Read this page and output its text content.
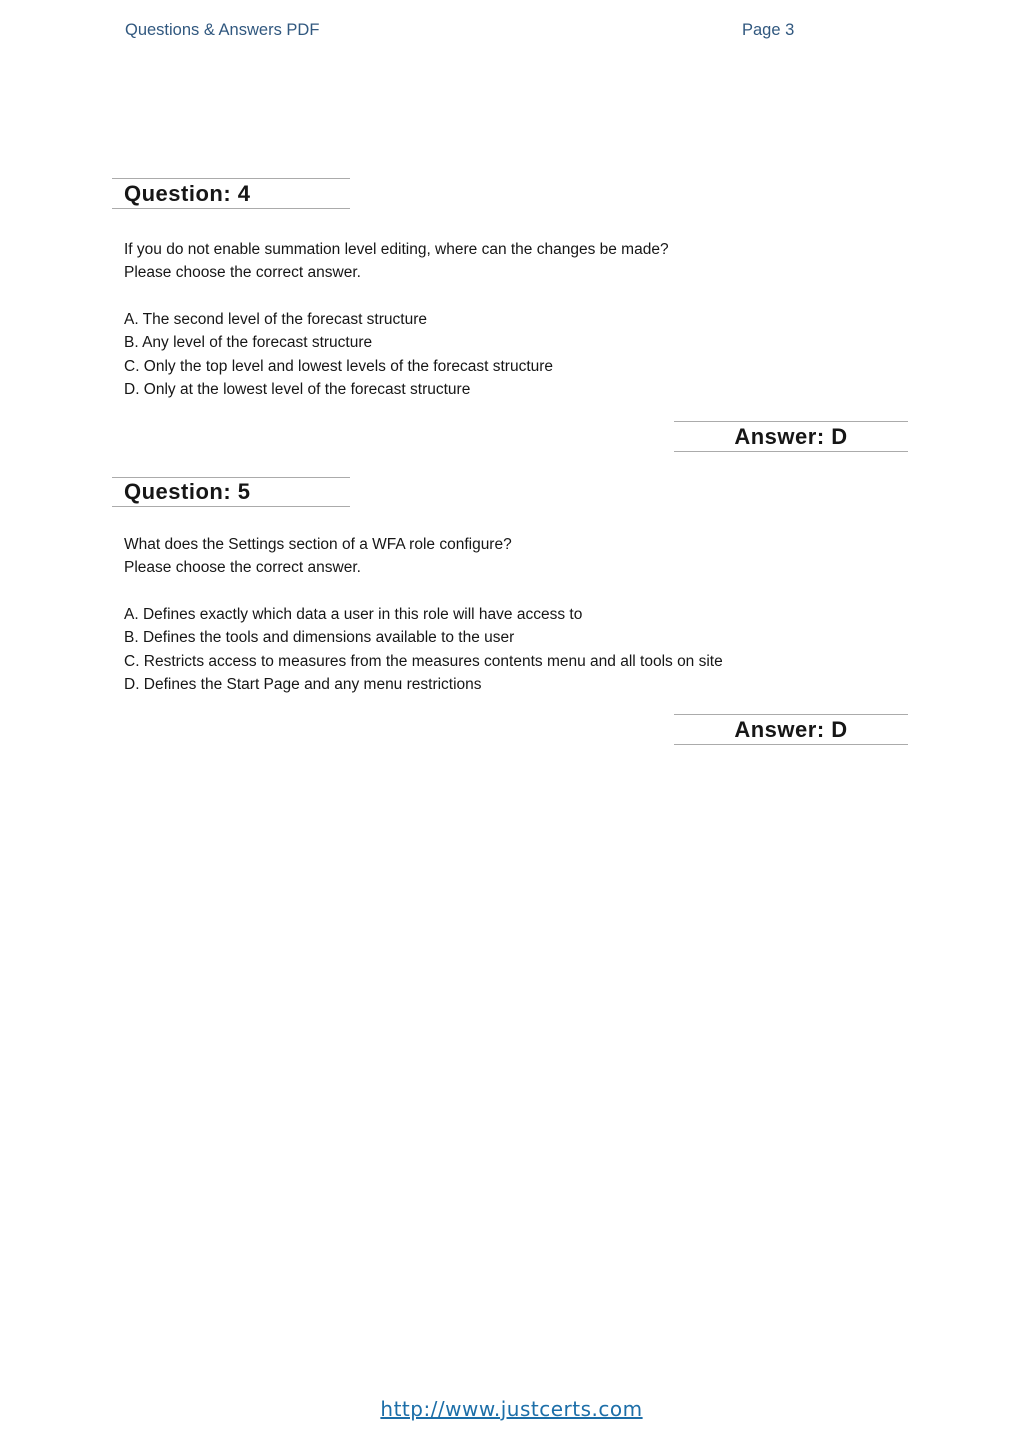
Questions & Answers PDF	Page 3
Question: 4
If you do not enable summation level editing, where can the changes be made?
Please choose the correct answer.
A. The second level of the forecast structure
B. Any level of the forecast structure
C. Only the top level and lowest levels of the forecast structure
D. Only at the lowest level of the forecast structure
Answer: D
Question: 5
What does the Settings section of a WFA role configure?
Please choose the correct answer.
A. Defines exactly which data a user in this role will have access to
B. Defines the tools and dimensions available to the user
C. Restricts access to measures from the measures contents menu and all tools on site
D. Defines the Start Page and any menu restrictions
Answer: D
http://www.justcerts.com
